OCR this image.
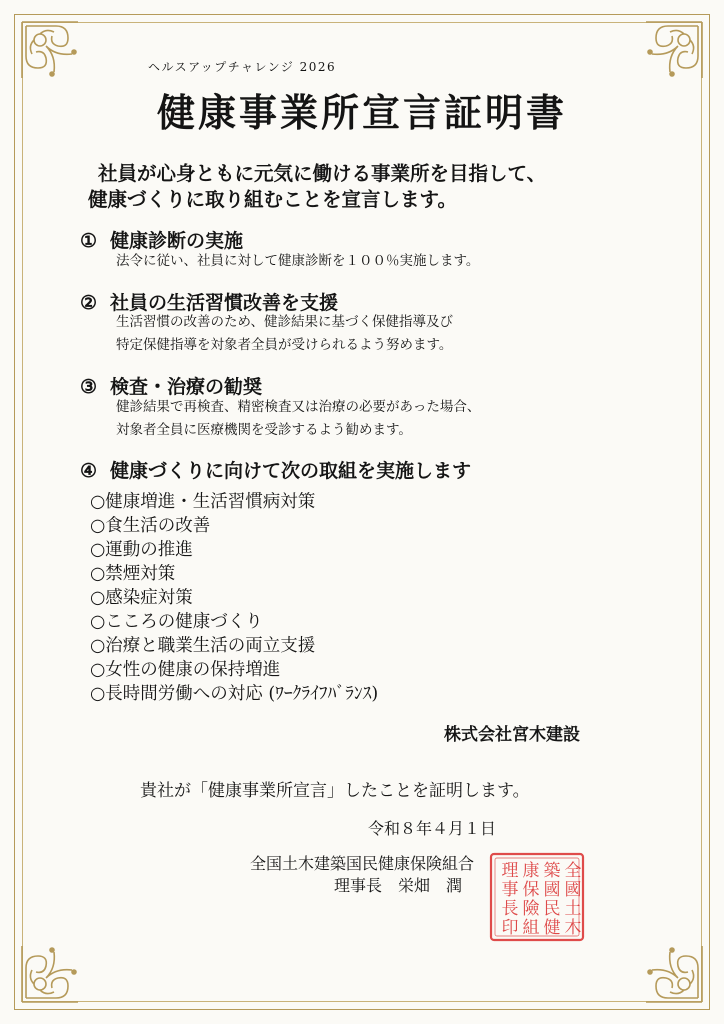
ヘルスアップチャレンジ 2026
健康事業所宣言証明書
社員が心身ともに元気に働ける事業所を目指して、
健康づくりに取り組むことを宣言します。
① 健康診断の実施
法令に従い、社員に対して健康診断を１００％実施します。
② 社員の生活習慣改善を支援
生活習慣の改善のため、健診結果に基づく保健指導及び
特定保健指導を対象者全員が受けられるよう努めます。
③ 検査・治療の勧奨
健診結果で再検査、精密検査又は治療の必要があった場合、
対象者全員に医療機関を受診するよう勧めます。
④ 健康づくりに向けて次の取組を実施します
○健康増進・生活習慣病対策
○食生活の改善
○運動の推進
○禁煙対策
○感染症対策
○こころの健康づくり
○治療と職業生活の両立支援
○女性の健康の保持増進
○長時間労働への対応 (ﾜｰｸﾗｲﾌﾊﾞﾗﾝｽ)
株式会社宮木建設
貴社が「健康事業所宣言」したことを証明します。
令和８年４月１日
全国土木建築国民健康保険組合
理事長 栄畑　潤
全
國
土
木
築
國
民
健
康
保
險
組
理
事
長
印
